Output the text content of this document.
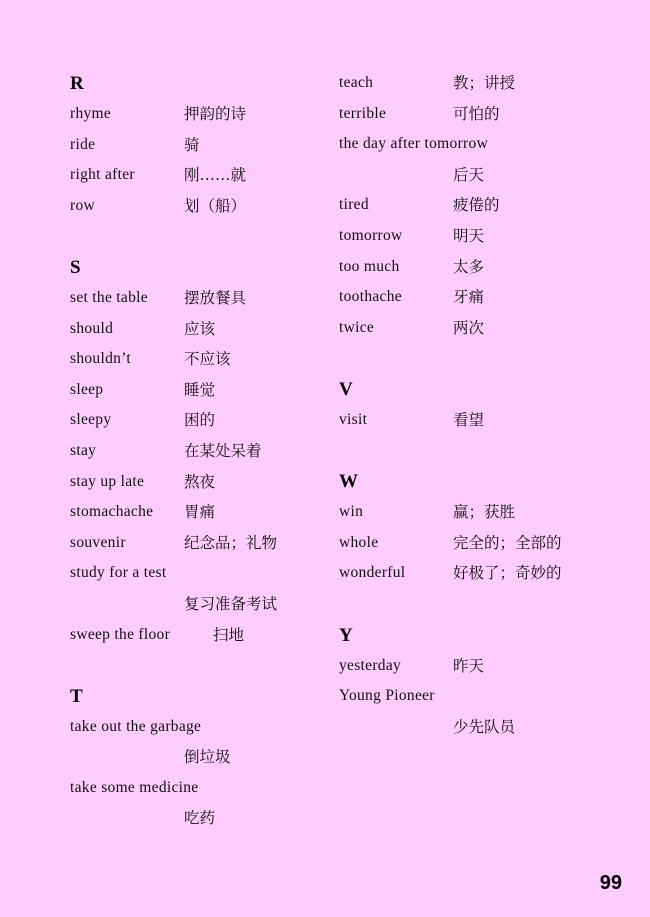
R
rhyme	押韵的诗
ride	骑
right after	刚……就
row	划（船）
S
set the table 摆放餐具
should	应该
shouldn’t	不应该
sleep	睡觉
sleepy	困的
stay	在某处呆着
stay up late	熬夜
stomachache 胃痛
souvenir	纪念品；礼物
study for a test
复习准备考试
sweep the floor	扫地
T
take out the garbage
倒垃圾
take some medicine
吃药
teach	教；讲授
terrible	可怕的
the day after tomorrow
后天
tired	疲倦的
tomorrow	明天
too much	太多
toothache	牙痛
twice	两次
V
visit	看望
W
win	赢；获胜
whole	完全的；全部的
wonderful	好极了；奇妙的
Y
yesterday	昨天
Young Pioneer
少先队员
99
